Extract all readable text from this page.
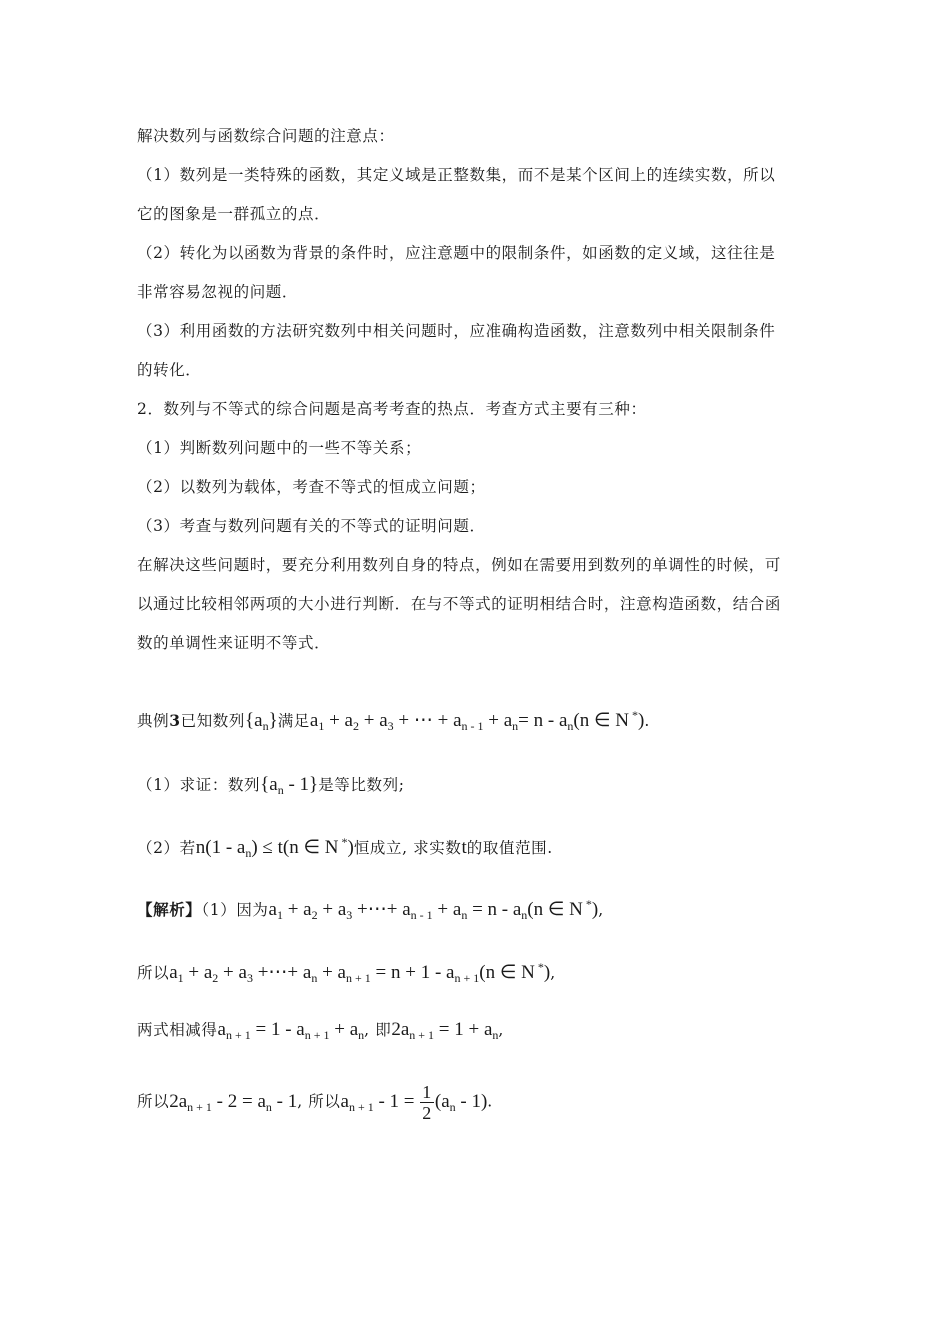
解决数列与函数综合问题的注意点：
（1）数列是一类特殊的函数，其定义域是正整数集，而不是某个区间上的连续实数，所以
它的图象是一群孤立的点．
（2）转化为以函数为背景的条件时，应注意题中的限制条件，如函数的定义域，这往往是
非常容易忽视的问题．
（3）利用函数的方法研究数列中相关问题时，应准确构造函数，注意数列中相关限制条件
的转化．
2．数列与不等式的综合问题是高考考查的热点．考查方式主要有三种：
（1）判断数列问题中的一些不等关系；
（2）以数列为载体，考查不等式的恒成立问题；
（3）考查与数列问题有关的不等式的证明问题．
在解决这些问题时，要充分利用数列自身的特点，例如在需要用到数列的单调性的时候，可
以通过比较相邻两项的大小进行判断．在与不等式的证明相结合时，注意构造函数，结合函
数的单调性来证明不等式．
典例3已知数列$\{a_n\}$满足$a_1 + a_2 + a_3$ + ⋯ + $a_{n - 1} + a_n= n - a_n(n$ ∈ N *).
（1）求证：数列$\{a_n - 1\}$是等比数列;
（2）若$n(1 - a_n) \le t(n$ ∈ N *)恒成立, 求实数t的取值范围.
【解析】（1）因为$a_1 + a_2 + a_3$ +⋯+ $a_{n - 1} + a_n = n - a_n(n$ ∈ N *),
所以$a_1 + a_2 + a_3$ +⋯+ $a_n + a_{n + 1} = n + 1 - a_{n + 1}(n$ ∈ N *),
两式相减得$a_{n + 1} = 1 - a_{n + 1} + a_n$, 即$2a_{n + 1} = 1 + a_n$,
所以$2a_{n + 1} - 2 = a_n - 1$, 所以$a_{n + 1} - 1 = \frac{1}{2} (a_n - 1)$.
